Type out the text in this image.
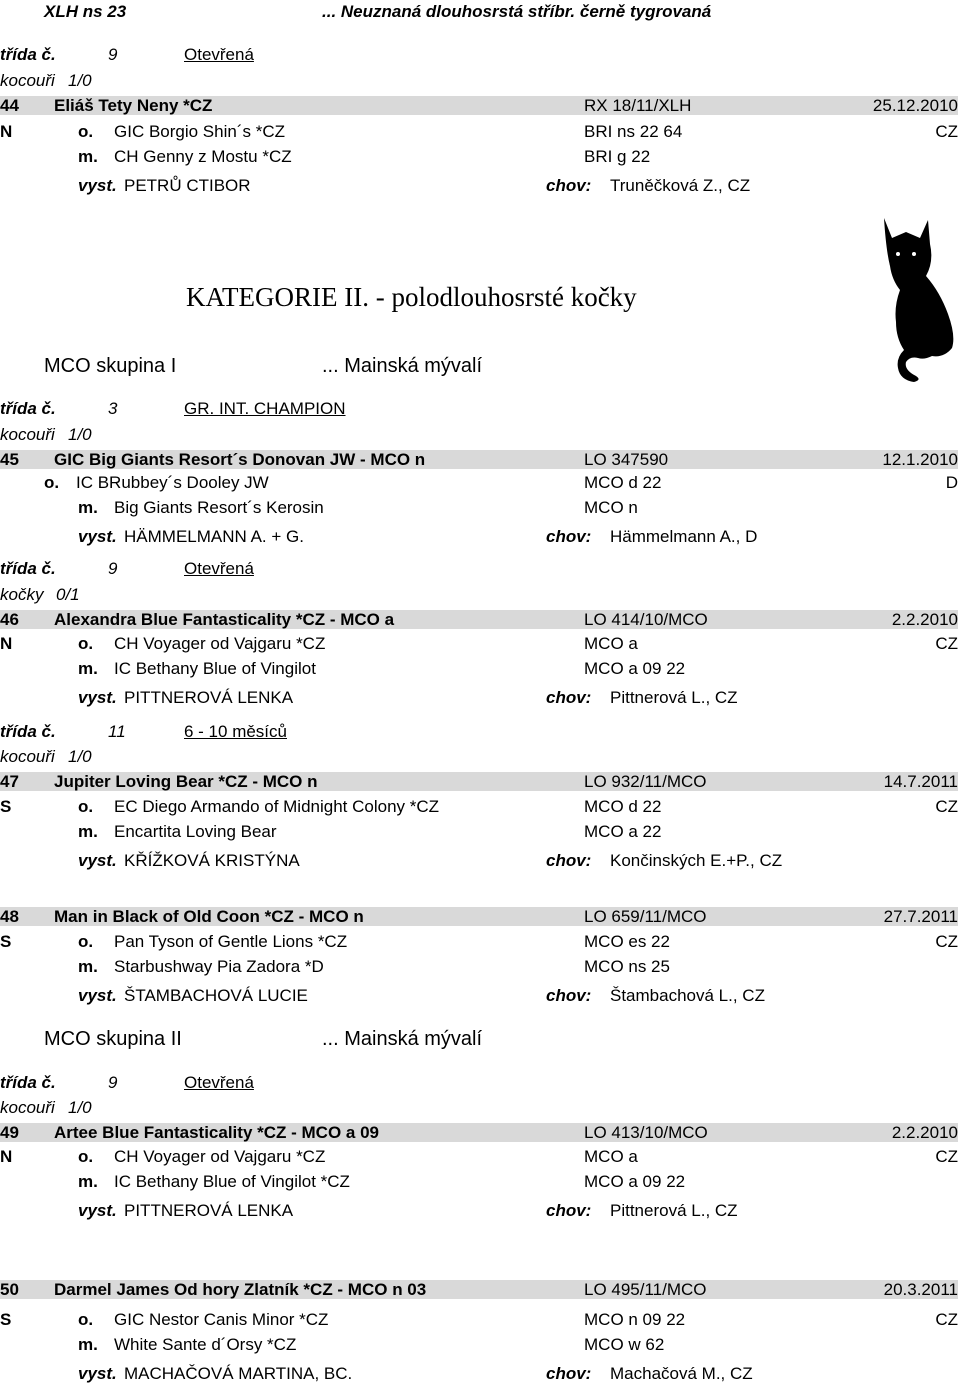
XLH ns 23	... Neuznaná dlouhosrstá stříbr. černě tygrovaná
třída č.	9	Otevřená
kocouři 1/0
44 Eliáš Tety Neny *CZ	RX 18/11/XLH	25.12.2010
N	o. GIC Borgio Shin´s *CZ	BRI ns 22 64	CZ
m. CH Genny z Mostu *CZ	BRI g 22
vyst. PETRŮ CTIBOR	chov: Truněčková Z., CZ
KATEGORIE II. - polodlouhosrsté kočky
MCO skupina I	... Mainská mývalí
třída č.	3	GR. INT. CHAMPION
kocouři 1/0
45 GIC Big Giants Resort´s Donovan JW - MCO n	LO 347590	12.1.2010
o. IC BRubbey´s Dooley JW	MCO d 22	D
m. Big Giants Resort´s Kerosin	MCO n
vyst. HÄMMELMANN A. + G.	chov: Hämmelmann A., D
třída č.	9	Otevřená
kočky 0/1
46 Alexandra Blue Fantasticality *CZ - MCO a	LO 414/10/MCO	2.2.2010
N	o. CH Voyager od Vajgaru *CZ	MCO a	CZ
m. IC Bethany Blue of Vingilot	MCO a 09 22
vyst. PITTNEROVÁ LENKA	chov: Pittnerová L., CZ
třída č.	11	6 - 10 měsíců
kocouři 1/0
47 Jupiter Loving Bear *CZ - MCO n	LO 932/11/MCO	14.7.2011
S	o. EC Diego Armando of Midnight Colony *CZ	MCO d 22	CZ
m. Encartita Loving Bear	MCO a 22
vyst. KŘÍŽKOVÁ KRISTÝNA	chov: Končinských E.+P., CZ
48 Man in Black of Old Coon *CZ - MCO n	LO 659/11/MCO	27.7.2011
S	o. Pan Tyson of Gentle Lions *CZ	MCO es 22	CZ
m. Starbushway Pia Zadora *D	MCO ns 25
vyst. ŠTAMBACHOVÁ LUCIE	chov: Štambachová L., CZ
MCO skupina II	... Mainská mývalí
třída č.	9	Otevřená
kocouři 1/0
49 Artee Blue Fantasticality *CZ - MCO a 09	LO 413/10/MCO	2.2.2010
N	o. CH Voyager od Vajgaru *CZ	MCO a	CZ
m. IC Bethany Blue of Vingilot *CZ	MCO a 09 22
vyst. PITTNEROVÁ LENKA	chov: Pittnerová L., CZ
50 Darmel James Od hory Zlatník *CZ - MCO n 03	LO 495/11/MCO	20.3.2011
S	o. GIC Nestor Canis Minor *CZ	MCO n 09 22	CZ
m. White Sante d´Orsy *CZ	MCO w 62
vyst. MACHAČOVÁ MARTINA, BC.	chov: Machačová M., CZ
